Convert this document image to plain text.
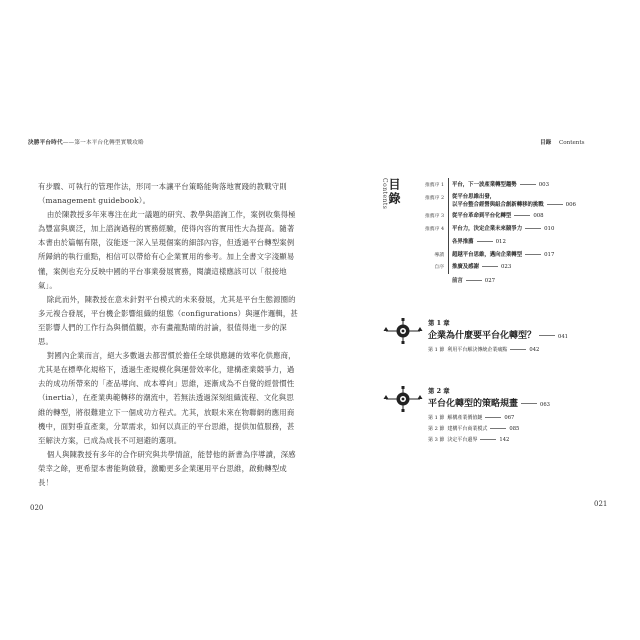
決勝平台時代——第一本平台化轉型實戰攻略	目錄 Contents

有步驟、可執行的管理作法，形同一本讓平台策略能夠落地實踐的教戰守則（management guidebook）。

由於陳教授多年來專注在此一議題的研究、教學與諮詢工作，案例收集得極為豐富與廣泛，加上諮詢過程的實務經驗，使得內容的實用性大為提高。隨著本書由於篇幅有限，沒能逐一深入呈現個案的細部內容，但透過平台轉型案例所歸納的執行重點，相信可以帶給有心企業實用的參考。加上全書文字淺顯易懂，案例也充分反映中國的平台事業發展實務，閱讀這樣應該可以「很接地氣」。

除此而外，陳教授在意未針對平台模式的未來發展，尤其是平台生態源圈的多元複合發展，平台機企影響組織的組態（configurations）與運作邏輯，甚至影響人們的工作行為與價值觀，亦有畫龍點睛的討論，很值得進一步的深思。

對國內企業而言，絕大多數過去都習慣於擔任全球供應鏈的效率化供應商，尤其是在標準化規格下，透過生產規模化與運營效率化，建構產業競爭力，過去的成功所帶來的「產品導向、成本導向」思維，逐漸成為不自覺的經營慣性（inertia），在產業典範轉移的潮流中，若無法透過深刻組織流程、文化與思維的轉型，將很難建立下一個成功方程式。尤其，放眼未來在物聯網的應用商機中，面對垂直產業，分眾需求，如何以真正的平台思維，提供加值服務，甚至解決方案，已成為成長不可迴避的選項。

個人與陳教授有多年的合作研究與共學情誼，能替他的新書為序導讀，深感榮幸之餘，更希望本書能夠啟發，激勵更多企業運用平台思維，啟動轉型成長！

020
目錄
Contents	推薦序 1 平台，下一波產業轉型趨勢	003
推薦序 2 從平台思維出發，
以平台整合經營與組合創新轉移的挑戰	006
推薦序 3 從平台革命到平台化轉型	008
推薦序 4 平台力，決定企業未來競爭力	010
各界推薦	012
導讀 超越平台思維，邁向企業轉型	017
自序 推廣及感謝	023
前言	027
第 1 章
企業為什麼要平台化轉型？	041
第 1 節 利用平台解決傳統企業痛點	042
第 2 章
平台化轉型的策略規畫	063
第 1 節 解構產業價值鏈	067
第 2 節 建構平台商業模式	085
第 3 節 決定平台邊界	142
021
